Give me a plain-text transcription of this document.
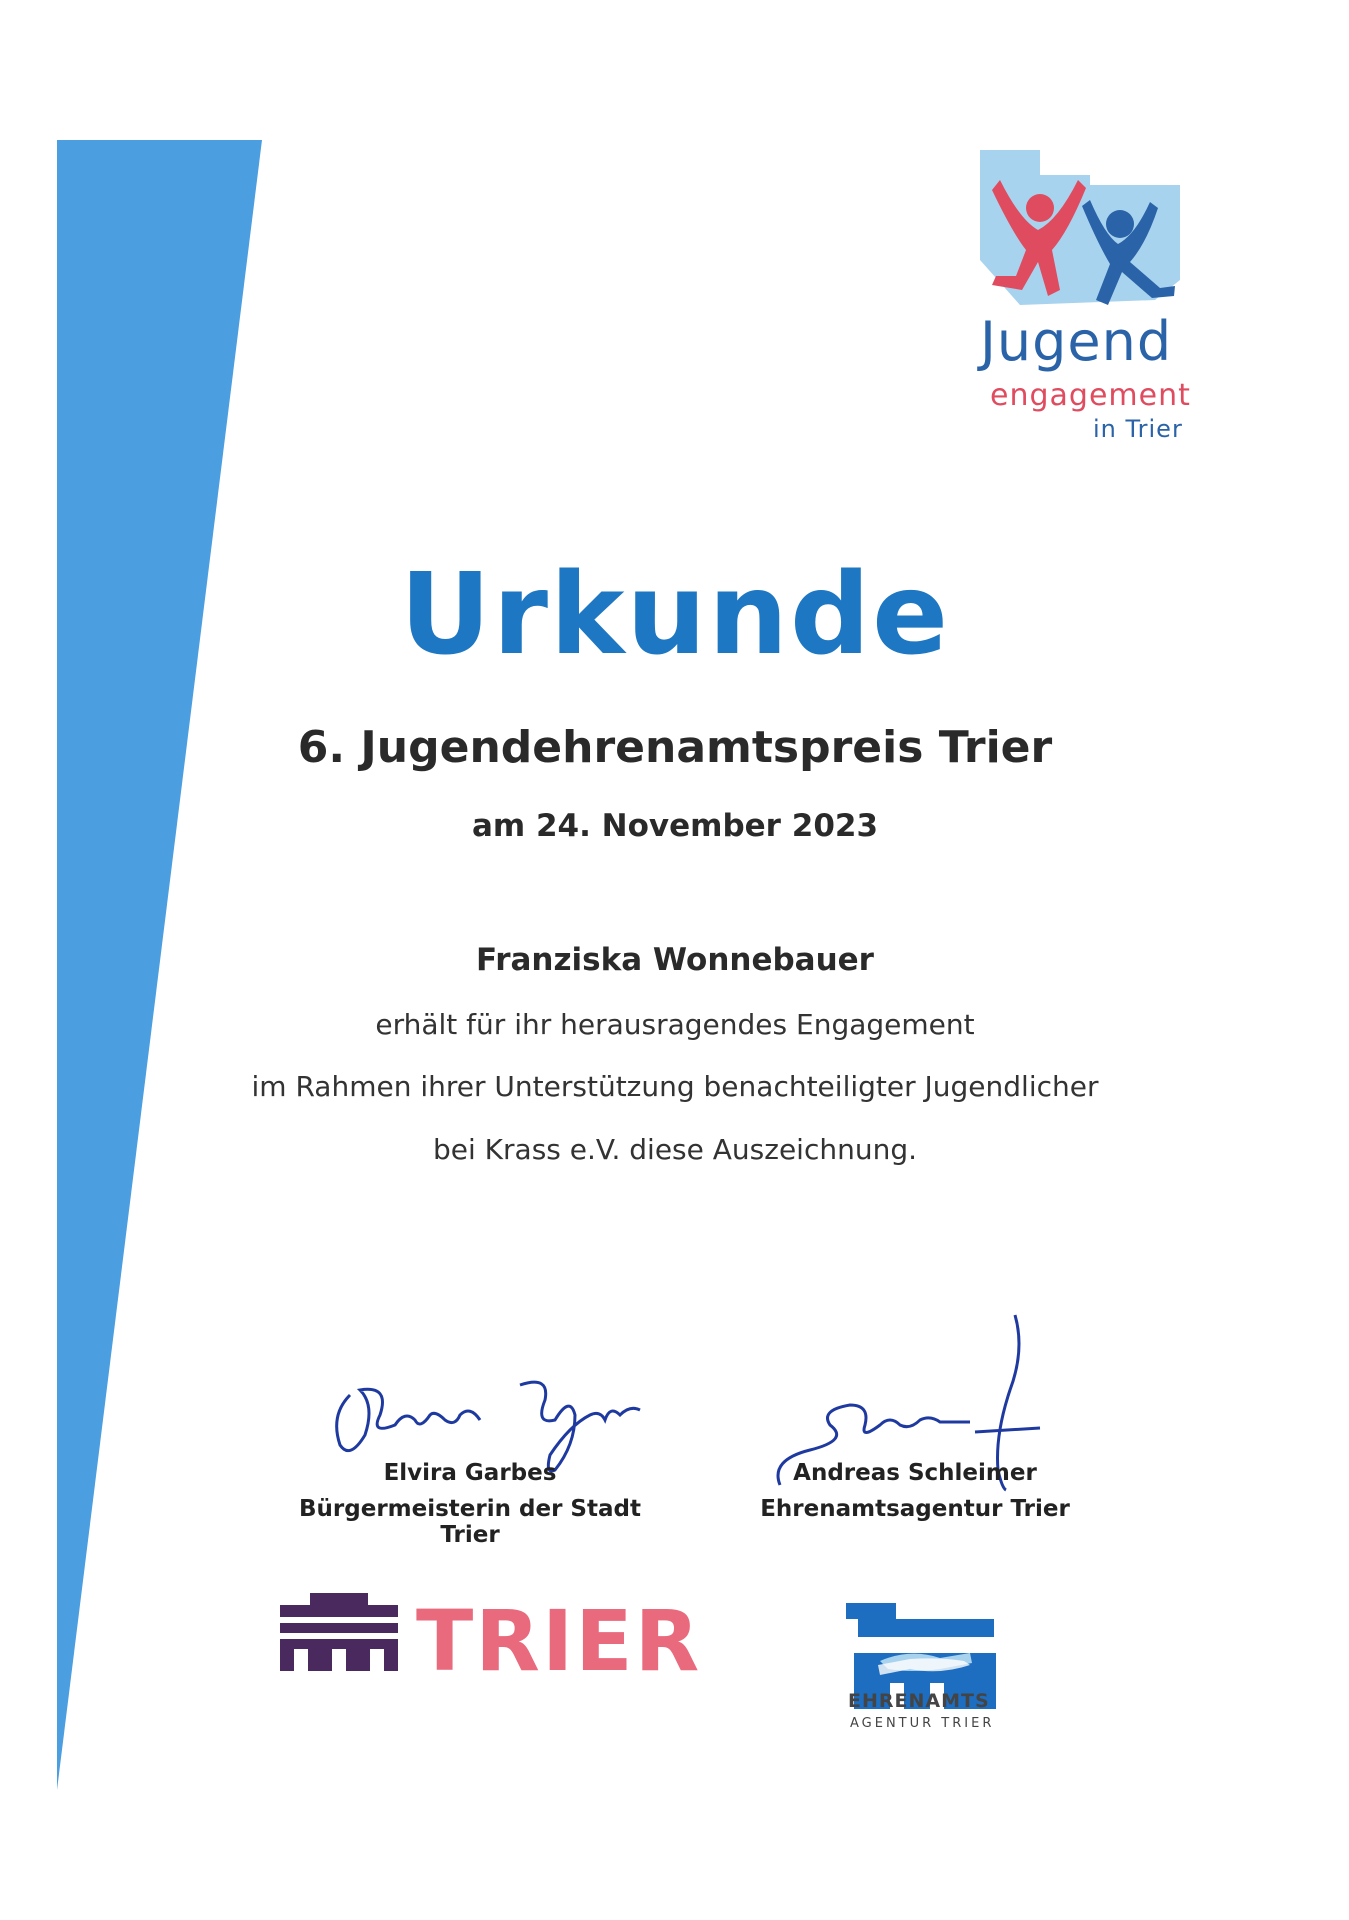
Jugend
engagement
in Trier
Urkunde
6. Jugendehrenamtspreis Trier
am 24. November 2023
Franziska Wonnebauer
erhält für ihr herausragendes Engagement
im Rahmen ihrer Unterstützung benachteiligter Jugendlicher
bei Krass e.V. diese Auszeichnung.
Elvira Garbes
Bürgermeisterin der Stadt Trier
Andreas Schleimer
Ehrenamtsagentur Trier
TRIER
EHRENAMTS
AGENTUR TRIER
